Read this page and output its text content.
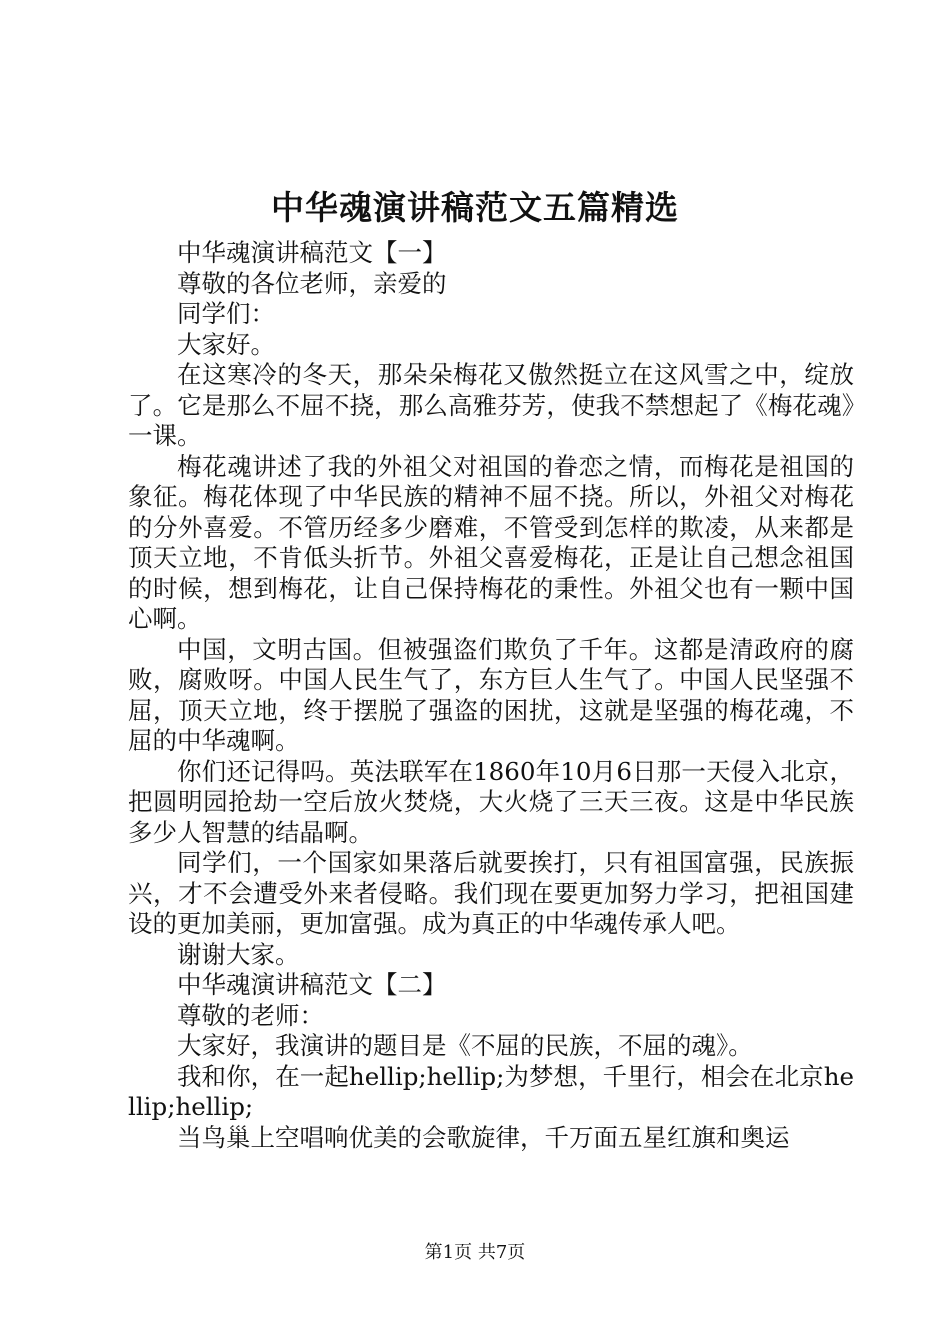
中华魂演讲稿范文五篇精选

中华魂演讲稿范文【一】

尊敬的各位老师，亲爱的

同学们：

大家好。

在这寒冷的冬天，那朵朵梅花又傲然挺立在这风雪之中，绽放了。它是那么不屈不挠，那么高雅芬芳，使我不禁想起了《梅花魂》一课。

梅花魂讲述了我的外祖父对祖国的眷恋之情，而梅花是祖国的象征。梅花体现了中华民族的精神不屈不挠。所以，外祖父对梅花的分外喜爱。不管历经多少磨难，不管受到怎样的欺凌，从来都是顶天立地，不肯低头折节。外祖父喜爱梅花，正是让自己想念祖国的时候，想到梅花，让自己保持梅花的秉性。外祖父也有一颗中国心啊。

中国，文明古国。但被强盗们欺负了千年。这都是清政府的腐败，腐败呀。中国人民生气了，东方巨人生气了。中国人民坚强不屈，顶天立地，终于摆脱了强盗的困扰，这就是坚强的梅花魂，不屈的中华魂啊。

你们还记得吗。英法联军在1860年10月6日那一天侵入北京，把圆明园抢劫一空后放火焚烧，大火烧了三天三夜。这是中华民族多少人智慧的结晶啊。

同学们，一个国家如果落后就要挨打，只有祖国富强，民族振兴，才不会遭受外来者侵略。我们现在要更加努力学习，把祖国建设的更加美丽，更加富强。成为真正的中华魂传承人吧。

谢谢大家。

中华魂演讲稿范文【二】

尊敬的老师：

大家好，我演讲的题目是《不屈的民族，不屈的魂》。

我和你，在一起hellip;hellip;为梦想，千里行，相会在北京hellip;hellip;

当鸟巢上空唱响优美的会歌旋律，千万面五星红旗和奥运

第1页 共7页
